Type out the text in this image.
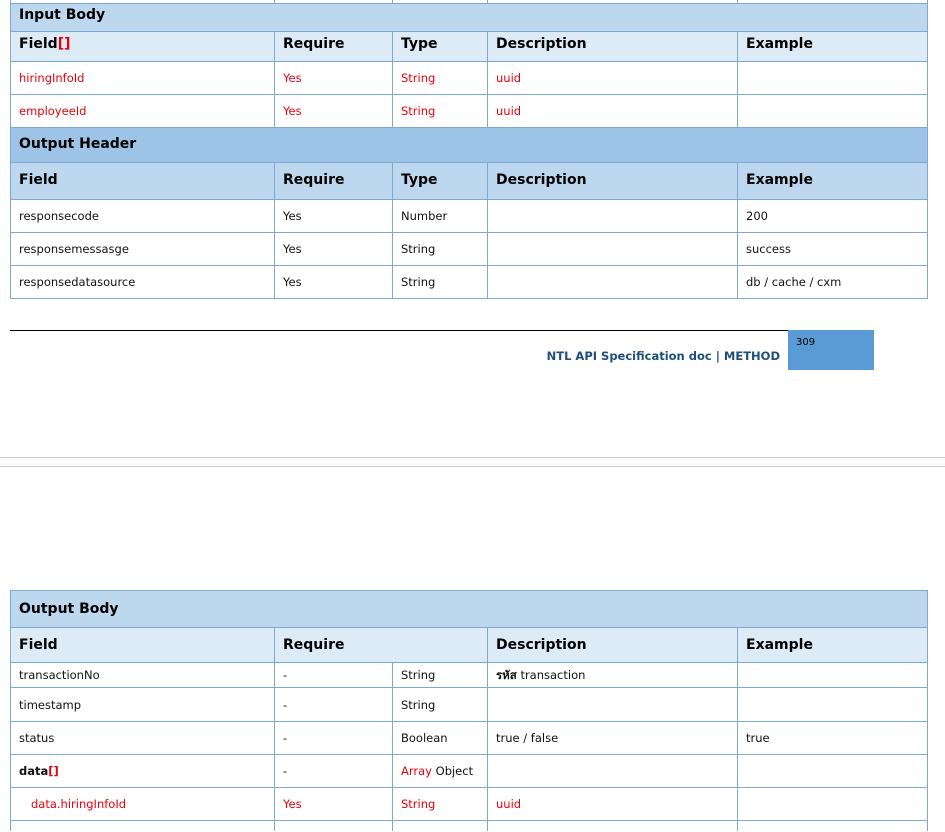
Input Body				
Field[]	Require	Type	Description	Example
hiringInfoId	Yes	String	uuid	
employeeId	Yes	String	uuid	
Output Header				
Field	Require	Type	Description	Example
responsecode	Yes	Number		200
responsemessasge	Yes	String		success
responsedatasource	Yes	String		db / cache / cxm
NTL API Specification doc | METHOD
309
Output Body				
Field	Require		Description	Example
transactionNo	-	String	รหัส transaction	
timestamp	-	String		
status	-	Boolean	true / false	true
data[]	-	Array Object		
data.hiringInfoId	Yes	String	uuid	
